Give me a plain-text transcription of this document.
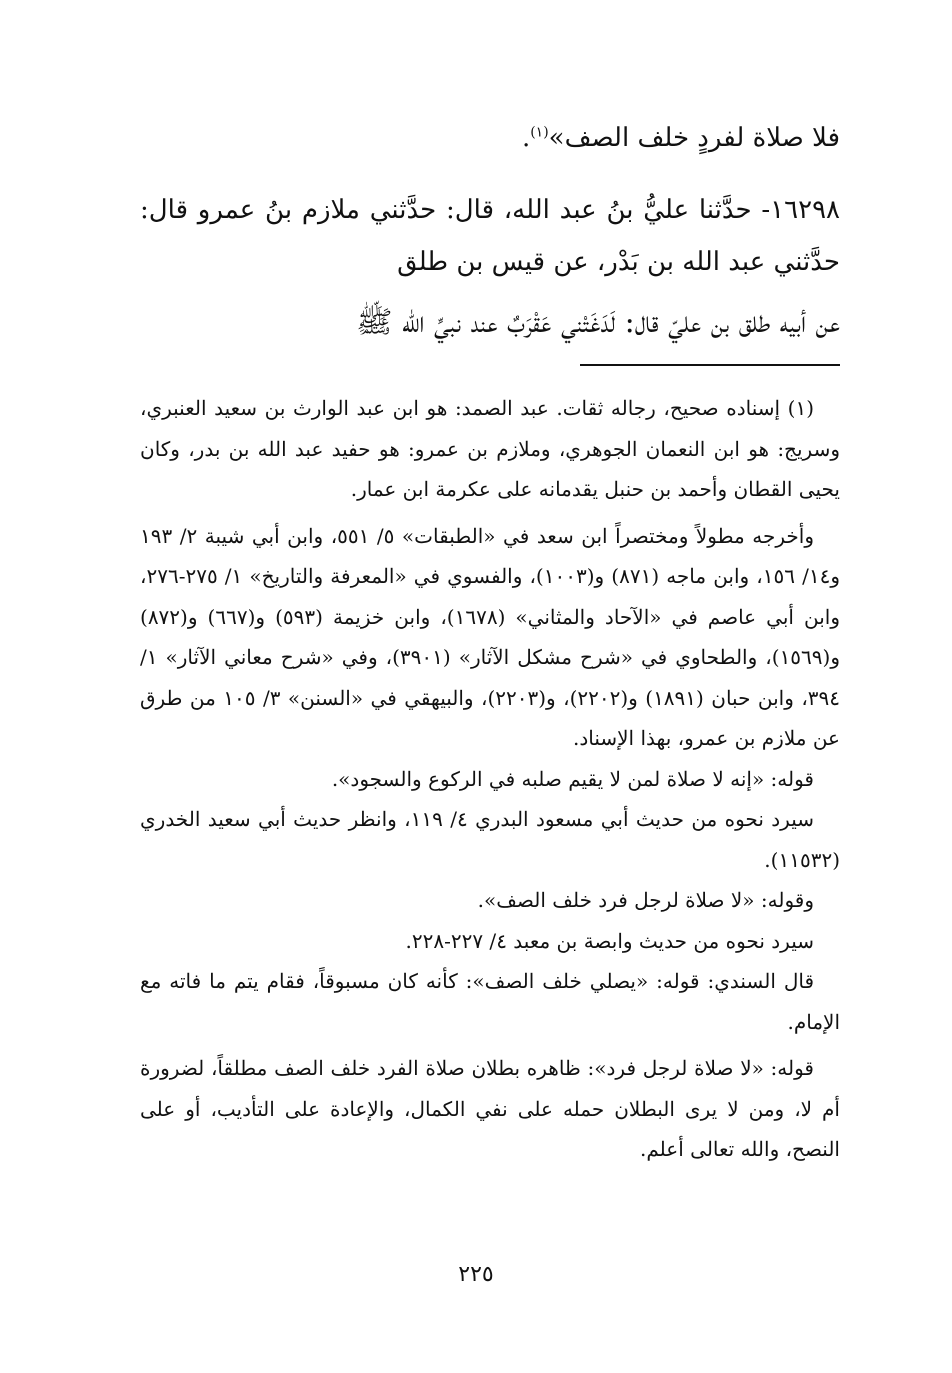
فلا صلاة لفردٍ خلف الصف»$^{(١)}$.

١٦٢٩٨- حدَّثنا عليُّ بنُ عبد الله، قال: حدَّثني ملازم بنُ عمرو قال: حدَّثني عبد الله بن بَدْر، عن قيس بن طلق

عن أبيه طلق بن عليّ قال: لَدَغَتْني عَقْرَبٌ عند نبيِّ الله ﷺ

(١) إسناده صحيح، رجاله ثقات. عبد الصمد: هو ابن عبد الوارث بن سعيد العنبري، وسريج: هو ابن النعمان الجوهري، وملازم بن عمرو: هو حفيد عبد الله بن بدر، وكان يحيى القطان وأحمد بن حنبل يقدمانه على عكرمة ابن عمار.

وأخرجه مطولاً ومختصراً ابن سعد في «الطبقات» ٥/ ٥٥١، وابن أبي شيبة ٢/ ١٩٣ و١٤/ ١٥٦، وابن ماجه (٨٧١) و(١٠٠٣)، والفسوي في «المعرفة والتاريخ» ١/ ٢٧٥-٢٧٦، وابن أبي عاصم في «الآحاد والمثاني» (١٦٧٨)، وابن خزيمة (٥٩٣) و(٦٦٧) و(٨٧٢) و(١٥٦٩)، والطحاوي في «شرح مشكل الآثار» (٣٩٠١)، وفي «شرح معاني الآثار» ١/ ٣٩٤، وابن حبان (١٨٩١) و(٢٢٠٢)، و(٢٢٠٣)، والبيهقي في «السنن» ٣/ ١٠٥ من طرق عن ملازم بن عمرو، بهذا الإسناد.

قوله: «إنه لا صلاة لمن لا يقيم صلبه في الركوع والسجود».

سيرد نحوه من حديث أبي مسعود البدري ٤/ ١١٩، وانظر حديث أبي سعيد الخدري (١١٥٣٢).

وقوله: «لا صلاة لرجل فرد خلف الصف».

سيرد نحوه من حديث وابصة بن معبد ٤/ ٢٢٧-٢٢٨.

قال السندي: قوله: «يصلي خلف الصف»: كأنه كان مسبوقاً، فقام يتم ما فاته مع الإمام.

قوله: «لا صلاة لرجل فرد»: ظاهره بطلان صلاة الفرد خلف الصف مطلقاً، لضرورة أم لا، ومن لا يرى البطلان حمله على نفي الكمال، والإعادة على التأديب، أو على النصح، والله تعالى أعلم.

٢٢٥
